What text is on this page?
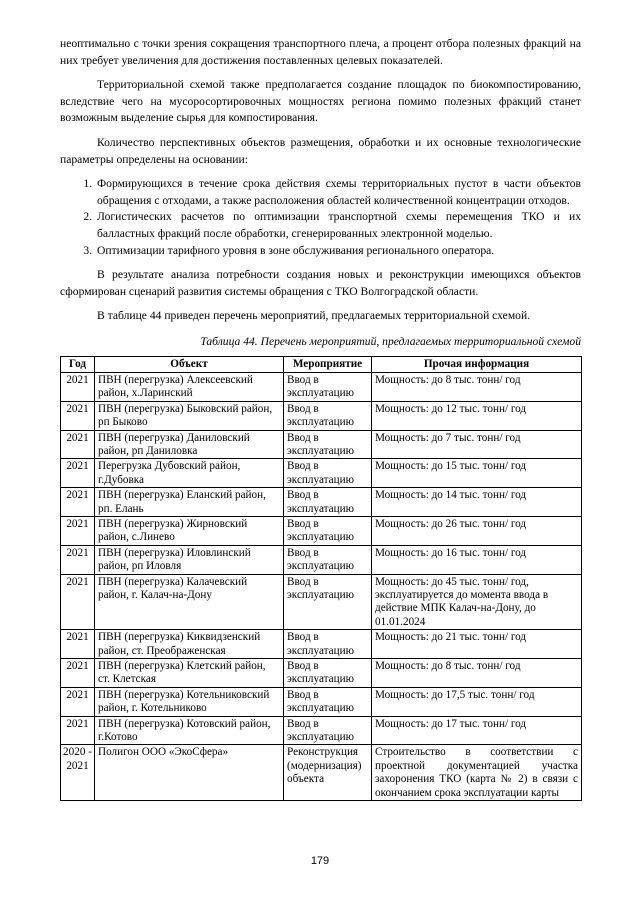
неоптимально с точки зрения сокращения транспортного плеча, а процент отбора полезных фракций на них требует увеличения для достижения поставленных целевых показателей.

Территориальной схемой также предполагается создание площадок по биокомпостированию, вследствие чего на мусоросортировочных мощностях региона помимо полезных фракций станет возможным выделение сырья для компостирования.

Количество перспективных объектов размещения, обработки и их основные технологические параметры определены на основании:

1. Формирующихся в течение срока действия схемы территориальных пустот в части объектов обращения с отходами, а также расположения областей количественной концентрации отходов.
2. Логистических расчетов по оптимизации транспортной схемы перемещения ТКО и их балластных фракций после обработки, сгенерированных электронной моделью.
3. Оптимизации тарифного уровня в зоне обслуживания регионального оператора.

В результате анализа потребности создания новых и реконструкции имеющихся объектов сформирован сценарий развития системы обращения с ТКО Волгоградской области.

В таблице 44 приведен перечень мероприятий, предлагаемых территориальной схемой.

Таблица 44. Перечень мероприятий, предлагаемых территориальной схемой
Год	Объект	Мероприятие	Прочая информация
2021	ПВН (перегрузка) Алексеевский район, х.Ларинский	Ввод в эксплуатацию	Мощность: до 8 тыс. тонн/ год
2021	ПВН (перегрузка) Быковский район, рп Быково	Ввод в эксплуатацию	Мощность: до 12 тыс. тонн/ год
2021	ПВН (перегрузка) Даниловский район, рп Даниловка	Ввод в эксплуатацию	Мощность: до 7 тыс. тонн/ год
2021	Перегрузка Дубовский район, г.Дубовка	Ввод в эксплуатацию	Мощность: до 15 тыс. тонн/ год
2021	ПВН (перегрузка) Еланский район, рп. Елань	Ввод в эксплуатацию	Мощность: до 14 тыс. тонн/ год
2021	ПВН (перегрузка) Жирновский район, с.Линево	Ввод в эксплуатацию	Мощность: до 26 тыс. тонн/ год
2021	ПВН (перегрузка) Иловлинский район, рп Иловля	Ввод в эксплуатацию	Мощность: до 16 тыс. тонн/ год
2021	ПВН (перегрузка) Калачевский район, г. Калач-на-Дону	Ввод в эксплуатацию	Мощность: до 45 тыс. тонн/ год, эксплуатируется до момента ввода в действие МПК Калач-на-Дону, до 01.01.2024
2021	ПВН (перегрузка) Киквидзенский район, ст. Преображенская	Ввод в эксплуатацию	Мощность: до 21 тыс. тонн/ год
2021	ПВН (перегрузка) Клетский район, ст. Клетская	Ввод в эксплуатацию	Мощность: до 8 тыс. тонн/ год
2021	ПВН (перегрузка) Котельниковский район, г. Котельниково	Ввод в эксплуатацию	Мощность: до 17,5 тыс. тонн/ год
2021	ПВН (перегрузка) Котовский район, г.Котово	Ввод в эксплуатацию	Мощность: до 17 тыс. тонн/ год
2020 - 2021	Полигон ООО «ЭкоСфера»	Реконструкция (модернизация) объекта	Строительство в соответствии с проектной документацией участка захоронения ТКО (карта № 2) в связи с окончанием срока эксплуатации карты
179
